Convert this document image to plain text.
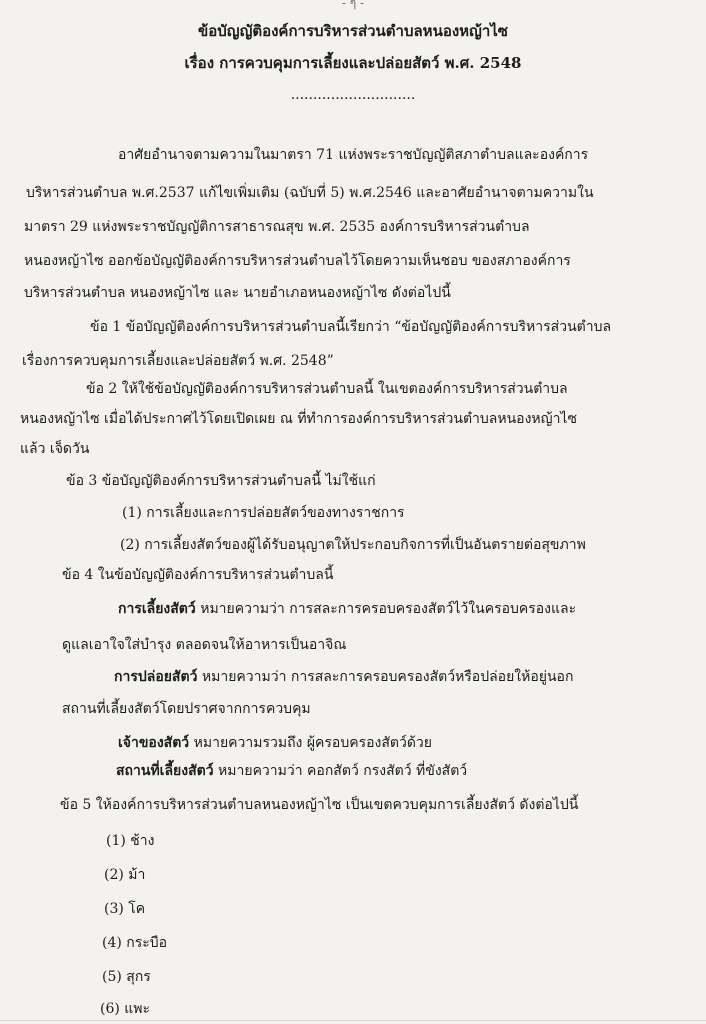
- ๆ -
ข้อบัญญัติองค์การบริหารส่วนตำบลหนองหญ้าไซ
เรื่อง การควบคุมการเลี้ยงและปล่อยสัตว์ พ.ศ. 2548
............................
อาศัยอำนาจตามความในมาตรา 71 แห่งพระราชบัญญัติสภาตำบลและองค์การ
บริหารส่วนตำบล พ.ศ.2537 แก้ไขเพิ่มเติม (ฉบับที่ 5) พ.ศ.2546 และอาศัยอำนาจตามความใน
มาตรา 29 แห่งพระราชบัญญัติการสาธารณสุข พ.ศ. 2535 องค์การบริหารส่วนตำบล
หนองหญ้าไซ ออกข้อบัญญัติองค์การบริหารส่วนตำบลไว้โดยความเห็นชอบ ของสภาองค์การ
บริหารส่วนตำบล หนองหญ้าไซ และ นายอำเภอหนองหญ้าไซ ดังต่อไปนี้
ข้อ 1 ข้อบัญญัติองค์การบริหารส่วนตำบลนี้เรียกว่า “ข้อบัญญัติองค์การบริหารส่วนตำบล
เรื่องการควบคุมการเลี้ยงและปล่อยสัตว์ พ.ศ. 2548”
ข้อ 2 ให้ใช้ข้อบัญญัติองค์การบริหารส่วนตำบลนี้ ในเขตองค์การบริหารส่วนตำบล
หนองหญ้าไซ เมื่อได้ประกาศไว้โดยเปิดเผย ณ ที่ทำการองค์การบริหารส่วนตำบลหนองหญ้าไซ
แล้ว เจ็ดวัน
ข้อ 3 ข้อบัญญัติองค์การบริหารส่วนตำบลนี้ ไม่ใช้แก่
(1) การเลี้ยงและการปล่อยสัตว์ของทางราชการ
(2) การเลี้ยงสัตว์ของผู้ได้รับอนุญาตให้ประกอบกิจการที่เป็นอันตรายต่อสุขภาพ
ข้อ 4 ในข้อบัญญัติองค์การบริหารส่วนตำบลนี้
การเลี้ยงสัตว์ หมายความว่า การสละการครอบครองสัตว์ไว้ในครอบครองและ
ดูแลเอาใจใส่บำรุง ตลอดจนให้อาหารเป็นอาจิณ
การปล่อยสัตว์ หมายความว่า การสละการครอบครองสัตว์หรือปล่อยให้อยู่นอก
สถานที่เลี้ยงสัตว์โดยปราศจากการควบคุม
เจ้าของสัตว์ หมายความรวมถึง ผู้ครอบครองสัตว์ด้วย
สถานที่เลี้ยงสัตว์ หมายความว่า คอกสัตว์ กรงสัตว์ ที่ขังสัตว์
ข้อ 5 ให้องค์การบริหารส่วนตำบลหนองหญ้าไซ เป็นเขตควบคุมการเลี้ยงสัตว์ ดังต่อไปนี้
(1) ช้าง
(2) ม้า
(3) โค
(4) กระบือ
(5) สุกร
(6) แพะ
